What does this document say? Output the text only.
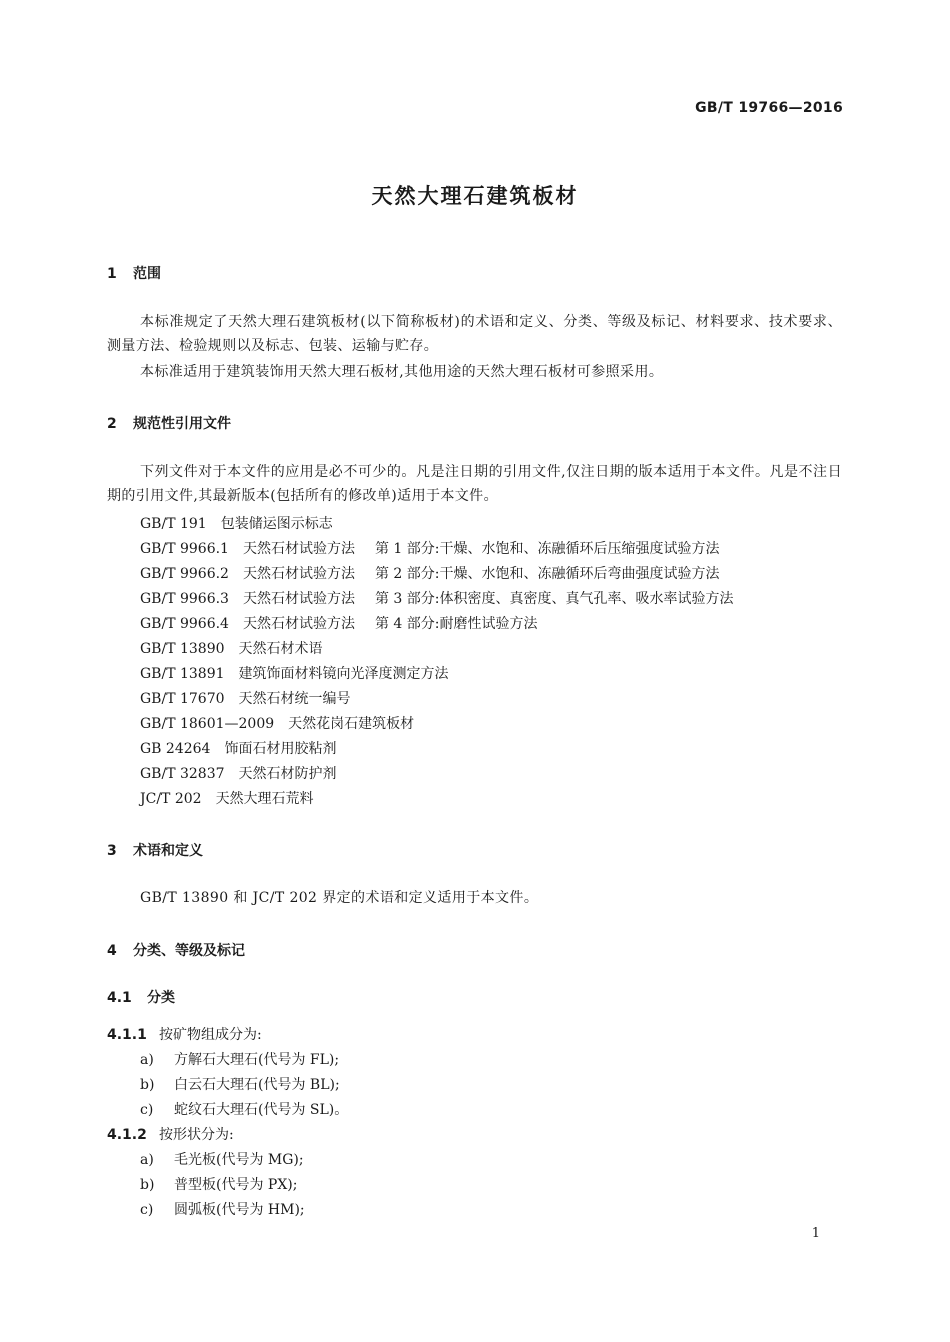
GB/T 19766—2016
天然大理石建筑板材
1 范围
本标准规定了天然大理石建筑板材(以下简称板材)的术语和定义、分类、等级及标记、材料要求、技术要求、测量方法、检验规则以及标志、包装、运输与贮存。
本标准适用于建筑装饰用天然大理石板材,其他用途的天然大理石板材可参照采用。
2 规范性引用文件
下列文件对于本文件的应用是必不可少的。凡是注日期的引用文件,仅注日期的版本适用于本文件。凡是不注日期的引用文件,其最新版本(包括所有的修改单)适用于本文件。
GB/T 191 包装储运图示标志
GB/T 9966.1 天然石材试验方法 第 1 部分:干燥、水饱和、冻融循环后压缩强度试验方法
GB/T 9966.2 天然石材试验方法 第 2 部分:干燥、水饱和、冻融循环后弯曲强度试验方法
GB/T 9966.3 天然石材试验方法 第 3 部分:体积密度、真密度、真气孔率、吸水率试验方法
GB/T 9966.4 天然石材试验方法 第 4 部分:耐磨性试验方法
GB/T 13890 天然石材术语
GB/T 13891 建筑饰面材料镜向光泽度测定方法
GB/T 17670 天然石材统一编号
GB/T 18601—2009 天然花岗石建筑板材
GB 24264 饰面石材用胶粘剂
GB/T 32837 天然石材防护剂
JC/T 202 天然大理石荒料
3 术语和定义
GB/T 13890 和 JC/T 202 界定的术语和定义适用于本文件。
4 分类、等级及标记
4.1 分类
4.1.1 按矿物组成分为:
a) 方解石大理石(代号为 FL);
b) 白云石大理石(代号为 BL);
c) 蛇纹石大理石(代号为 SL)。
4.1.2 按形状分为:
a) 毛光板(代号为 MG);
b) 普型板(代号为 PX);
c) 圆弧板(代号为 HM);
1
